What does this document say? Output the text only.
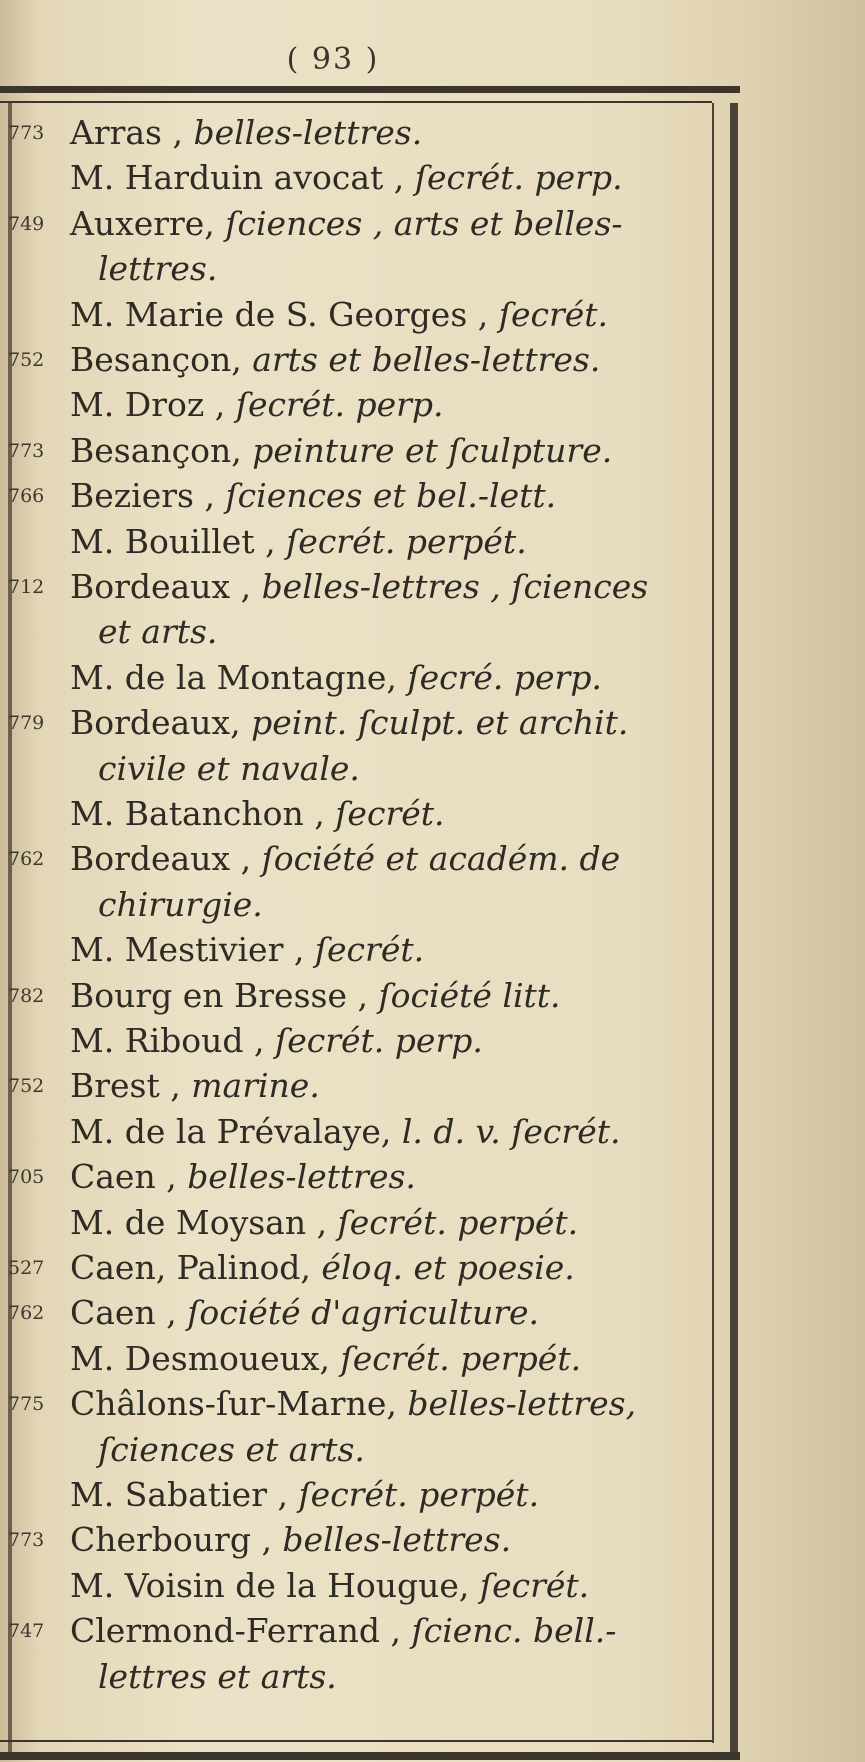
( 93 )
773 Arras , belles-lettres.
M. Harduin avocat , ſecrét. perp.
749 Auxerre, ſciences , arts et belles-
lettres.
M. Marie de S. Georges , ſecrét.
752 Besançon, arts et belles-lettres.
M. Droz , ſecrét. perp.
773 Besançon, peinture et ſculpture.
766 Beziers , ſciences et bel.-lett.
M. Bouillet , ſecrét. perpét.
712 Bordeaux , belles-lettres , ſciences
et arts.
M. de la Montagne, ſecré. perp.
779 Bordeaux, peint. ſculpt. et archit.
civile et navale.
M. Batanchon , ſecrét.
762 Bordeaux , ſociété et académ. de
chirurgie.
M. Mestivier , ſecrét.
782 Bourg en Bresse , ſociété litt.
M. Riboud , ſecrét. perp.
752 Brest , marine.
M. de la Prévalaye, l. d. v. ſecrét.
705 Caen , belles-lettres.
M. de Moysan , ſecrét. perpét.
527 Caen, Palinod, éloq. et poesie.
762 Caen , ſociété d'agriculture.
M. Desmoueux, ſecrét. perpét.
775 Châlons-ſur-Marne, belles-lettres,
ſciences et arts.
M. Sabatier , ſecrét. perpét.
773 Cherbourg , belles-lettres.
M. Voisin de la Hougue, ſecrét.
747 Clermond-Ferrand , ſcienc. bell.-
lettres et arts.
